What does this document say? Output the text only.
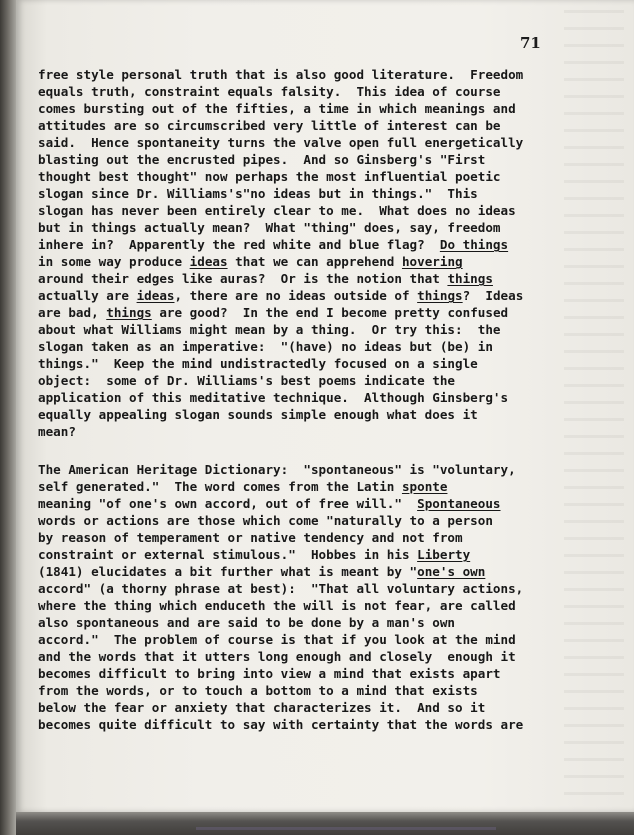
71
free style personal truth that is also good literature.  Freedom
equals truth, constraint equals falsity.  This idea of course
comes bursting out of the fifties, a time in which meanings and
attitudes are so circumscribed very little of interest can be
said.  Hence spontaneity turns the valve open full energetically
blasting out the encrusted pipes.  And so Ginsberg's "First
thought best thought" now perhaps the most influential poetic
slogan since Dr. Williams's"no ideas but in things."  This
slogan has never been entirely clear to me.  What does no ideas
but in things actually mean?  What "thing" does, say, freedom
inhere in?  Apparently the red white and blue flag?  Do things
in some way produce ideas that we can apprehend hovering
around their edges like auras?  Or is the notion that things
actually are ideas, there are no ideas outside of things?  Ideas
are bad, things are good?  In the end I become pretty confused
about what Williams might mean by a thing.  Or try this:  the
slogan taken as an imperative:  "(have) no ideas but (be) in
things."  Keep the mind undistractedly focused on a single
object:  some of Dr. Williams's best poems indicate the
application of this meditative technique.  Although Ginsberg's
equally appealing slogan sounds simple enough what does it
mean?
The American Heritage Dictionary:  "spontaneous" is "voluntary,
self generated."  The word comes from the Latin sponte
meaning "of one's own accord, out of free will."  Spontaneous
words or actions are those which come "naturally to a person
by reason of temperament or native tendency and not from
constraint or external stimulous."  Hobbes in his Liberty
(1841) elucidates a bit further what is meant by "one's own
accord" (a thorny phrase at best):  "That all voluntary actions,
where the thing which enduceth the will is not fear, are called
also spontaneous and are said to be done by a man's own
accord."  The problem of course is that if you look at the mind
and the words that it utters long enough and closely  enough it
becomes difficult to bring into view a mind that exists apart
from the words, or to touch a bottom to a mind that exists
below the fear or anxiety that characterizes it.  And so it
becomes quite difficult to say with certainty that the words are
